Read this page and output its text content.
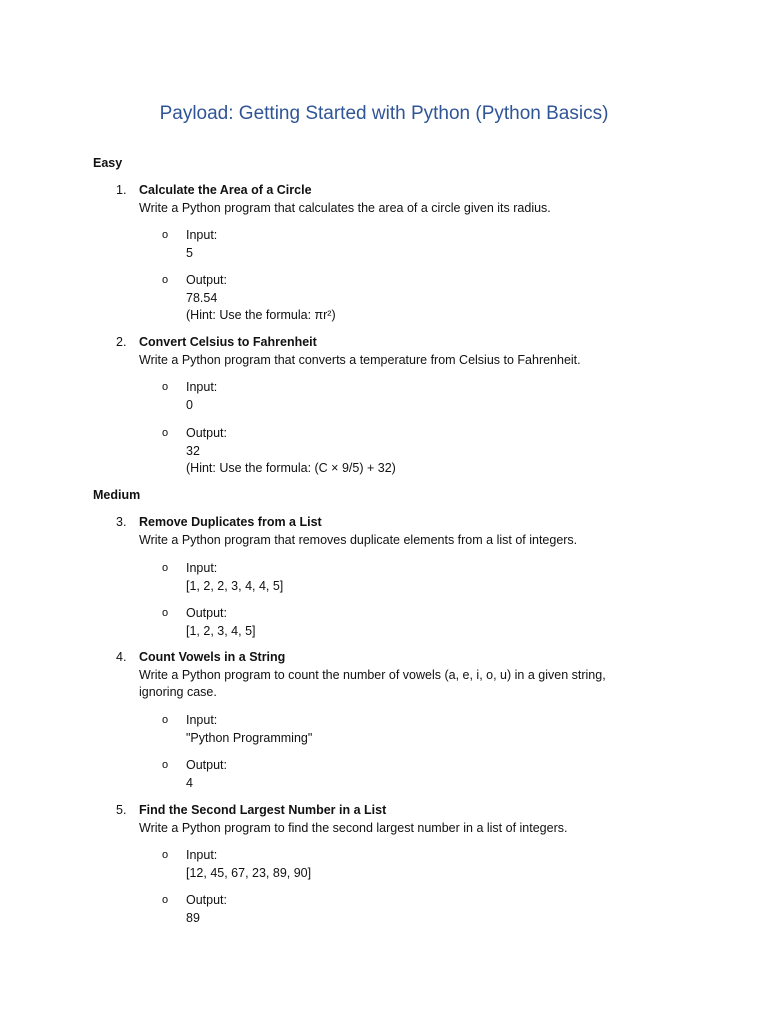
Payload: Getting Started with Python (Python Basics)
Easy
1. Calculate the Area of a Circle
Write a Python program that calculates the area of a circle given its radius.
o Input:
5
o Output:
78.54
(Hint: Use the formula: πr²)
2. Convert Celsius to Fahrenheit
Write a Python program that converts a temperature from Celsius to Fahrenheit.
o Input:
0
o Output:
32
(Hint: Use the formula: (C × 9/5) + 32)
Medium
3. Remove Duplicates from a List
Write a Python program that removes duplicate elements from a list of integers.
o Input:
[1, 2, 2, 3, 4, 4, 5]
o Output:
[1, 2, 3, 4, 5]
4. Count Vowels in a String
Write a Python program to count the number of vowels (a, e, i, o, u) in a given string,
ignoring case.
o Input:
"Python Programming"
o Output:
4
5. Find the Second Largest Number in a List
Write a Python program to find the second largest number in a list of integers.
o Input:
[12, 45, 67, 23, 89, 90]
o Output:
89
